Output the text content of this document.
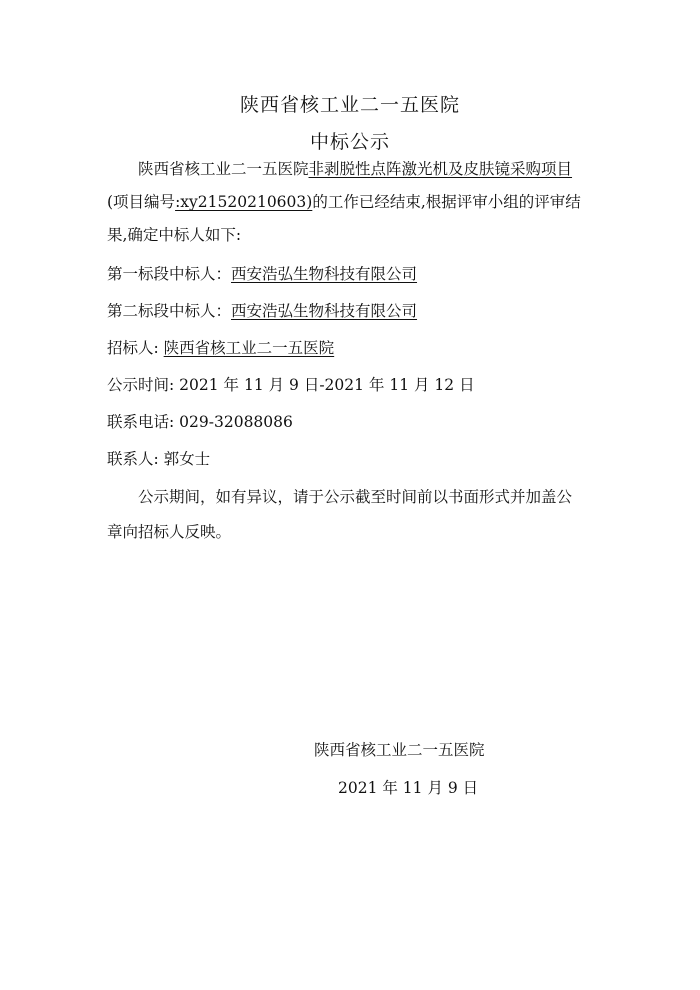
陕西省核工业二一五医院
中标公示
陕西省核工业二一五医院非剥脱性点阵激光机及皮肤镜采购项目
(项目编号:xy21520210603)的工作已经结束,根据评审小组的评审结
果,确定中标人如下:
第一标段中标人：西安浩弘生物科技有限公司
第二标段中标人：西安浩弘生物科技有限公司
招标人: 陕西省核工业二一五医院
公示时间: 2021 年 11 月 9 日-2021 年 11 月 12 日
联系电话: 029-32088086
联系人: 郭女士
公示期间，如有异议，请于公示截至时间前以书面形式并加盖公
章向招标人反映。
陕西省核工业二一五医院
2021 年 11 月 9 日
